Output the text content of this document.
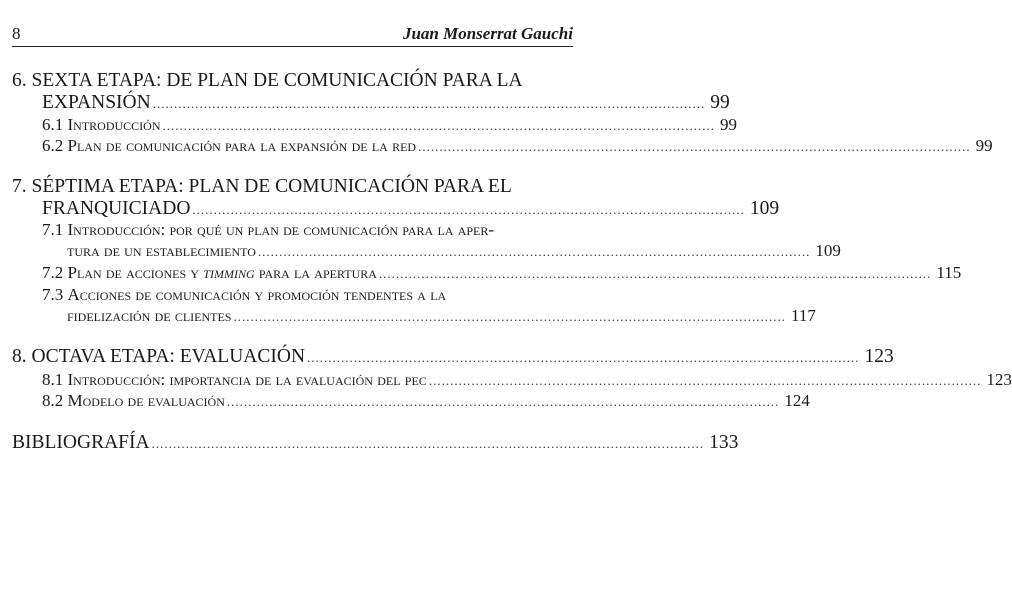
8	Juan Monserrat Gauchi
6. SEXTA ETAPA: DE PLAN DE COMUNICACIÓN PARA LA
EXPANSIÓN .................................................................................................................................. 99
6.1
Introducción .................................................................................................................................. 99
6.2
Plan de comunicación para la expansión de la red .................................................................................................................................. 99
7. SÉPTIMA ETAPA: PLAN DE COMUNICACIÓN PARA EL
FRANQUICIADO .................................................................................................................................. 109
7.1
Introducción: por qué un plan de comunicación para la aper-
tura de un establecimiento .................................................................................................................................. 109
7.2
Plan de acciones y timming para la apertura .................................................................................................................................. 115
7.3
Acciones de comunicación y promoción tendentes a la
fidelización de clientes .................................................................................................................................. 117
8. OCTAVA ETAPA: EVALUACIÓN .................................................................................................................................. 123
8.1
Introducción: importancia de la evaluación del pec .................................................................................................................................. 123
8.2
Modelo de evaluación .................................................................................................................................. 124
BIBLIOGRAFÍA .................................................................................................................................. 133
